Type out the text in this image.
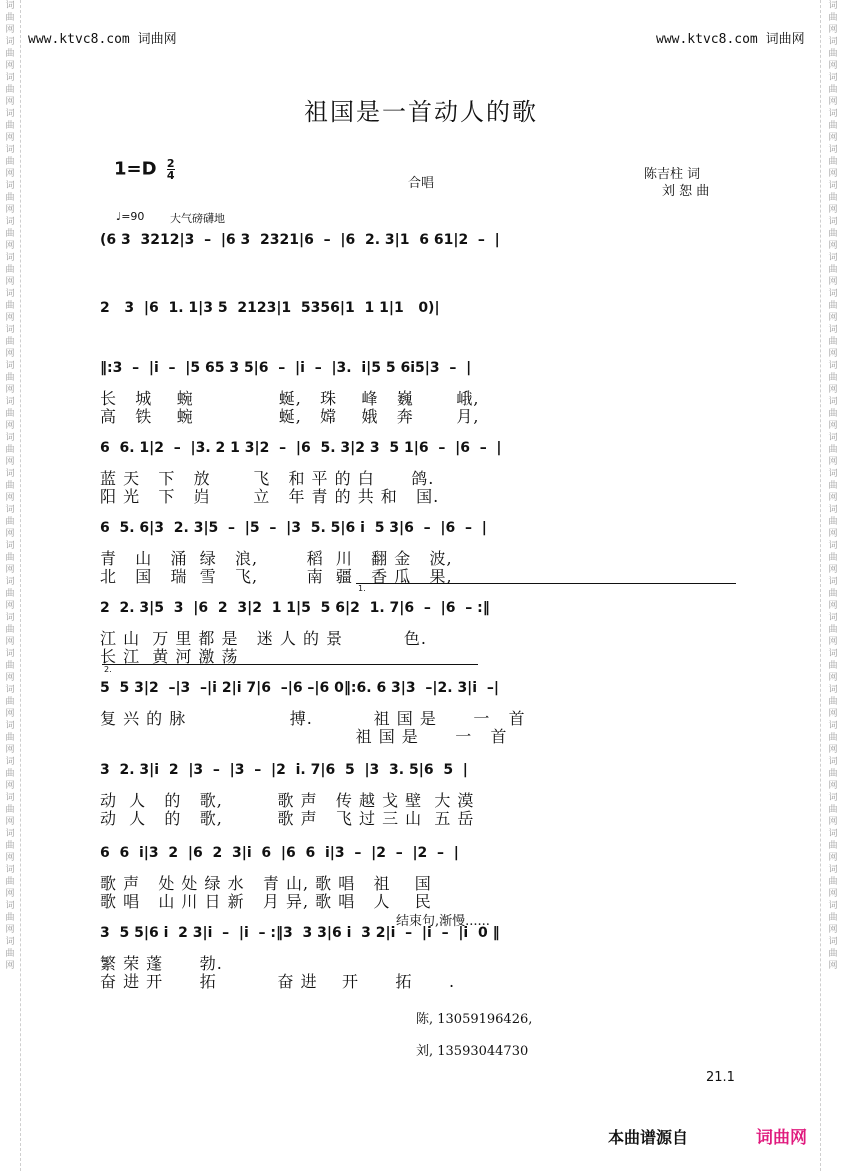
词曲网词曲网词曲网词曲网词曲网词曲网词曲网词曲网词曲网词曲网词曲网词曲网词曲网词曲网词曲网词曲网词曲网词曲网词曲网词曲网词曲网词曲网词曲网词曲网词曲网词曲网词曲网
词曲网词曲网词曲网词曲网词曲网词曲网词曲网词曲网词曲网词曲网词曲网词曲网词曲网词曲网词曲网词曲网词曲网词曲网词曲网词曲网词曲网词曲网词曲网词曲网词曲网词曲网词曲网
www.ktvc8.com 词曲网	www.ktvc8.com 词曲网
祖国是一首动人的歌
$1=D \frac{2}{4}$
合唱
陈吉柱 词
刘 恕 曲
♩=90 大气磅礴地
(6 3  3212|3  –  |6 3  2321|6  –  |6  2. 3|1  6 61|2  –  |
2   3  |6  1. 1|3 5  2123|1  5356|1  1 1|1   0)|
‖:3  –  |i  –  |5 65 3 5|6  –  |i  –  |3.  i|5 5 6i5|3  –  |
长   城    蜿              蜒,   珠    峰   巍       峨,
高   铁    蜿              蜒,   嫦    娥   奔       月,
6  6. 1|2  –  |3. 2 1 3|2  –  |6  5. 3|2 3  5 1|6  –  |6  –  |
蓝 天   下   放       飞   和 平 的 白      鸽.
阳 光   下   岿       立   年 青 的 共 和   国.
6  5. 6|3  2. 3|5  –  |5  –  |3  5. 5|6 i  5 3|6  –  |6  –  |
青   山   涌  绿   浪,        稻  川   翻 金   波,
北   国   瑞  雪   飞,        南  疆   香 瓜   果,
2  2. 3|5  3  |6  2  3|2  1 1|5  5 6|2  1. 7|6  –  |6  – :‖
江 山  万 里 都 是   迷 人 的 景          色.
长 江  黄 河 激 荡
5  5 3|2  –|3  –|i 2|i 7|6  –|6 –|6 0‖:6. 6 3|3  –|2. 3|i  –|
复 兴 的 脉                 搏.          祖 国 是      一   首
祖 国 是      一   首
3  2. 3|i  2  |3  –  |3  –  |2  i. 7|6  5  |3  3. 5|6  5  |
动  人   的   歌,         歌 声   传 越 戈 壁  大 漠
动  人   的   歌,         歌 声   飞 过 三 山  五 岳
6  6  i|3  2  |6  2  3|i  6  |6  6  i|3  –  |2  –  |2  –  |
歌 声   处 处 绿 水   青 山, 歌 唱   祖    国
歌 唱   山 川 日 新   月 异, 歌 唱   人    民
3  5 5|6 i  2 3|i  –  |i  – :‖3  3 3|6 i  3 2|i  –  |i  –  |i  0 ‖
繁 荣 蓬      勃.
奋 进 开      拓          奋 进    开      拓      .
1.
2.
结束句,渐慢......
陈, 13059196426,
刘, 13593044730
21.1
本曲谱源自	词曲网
